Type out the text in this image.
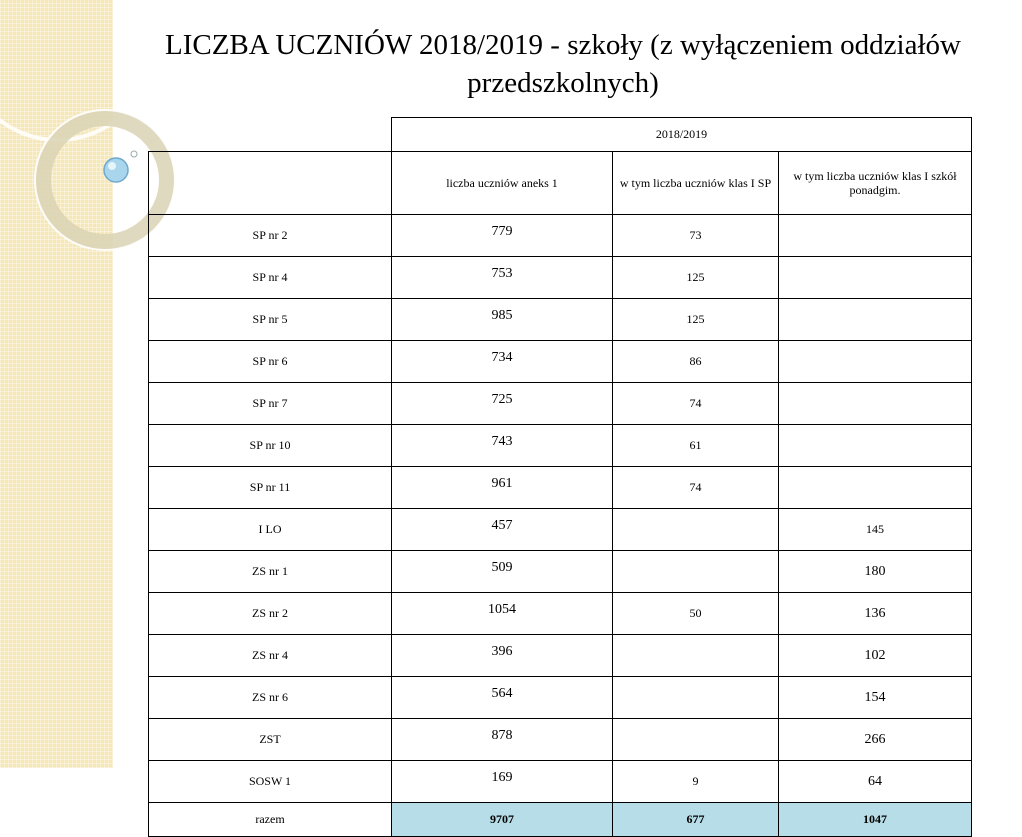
LICZBA UCZNIÓW 2018/2019 - szkoły (z wyłączeniem oddziałów przedszkolnych)
	2018/2019		
	liczba uczniów aneks 1	w tym liczba uczniów klas I SP	w tym liczba uczniów klas I szkół ponadgim.
SP nr 2	779	73	
SP nr 4	753	125	
SP nr 5	985	125	
SP nr 6	734	86	
SP nr 7	725	74	
SP nr 10	743	61	
SP nr 11	961	74	
I LO	457		145
ZS nr 1	509		180
ZS nr 2	1054	50	136
ZS nr 4	396		102
ZS nr 6	564		154
ZST	878		266
SOSW 1	169	9	64
razem	9707	677	1047
